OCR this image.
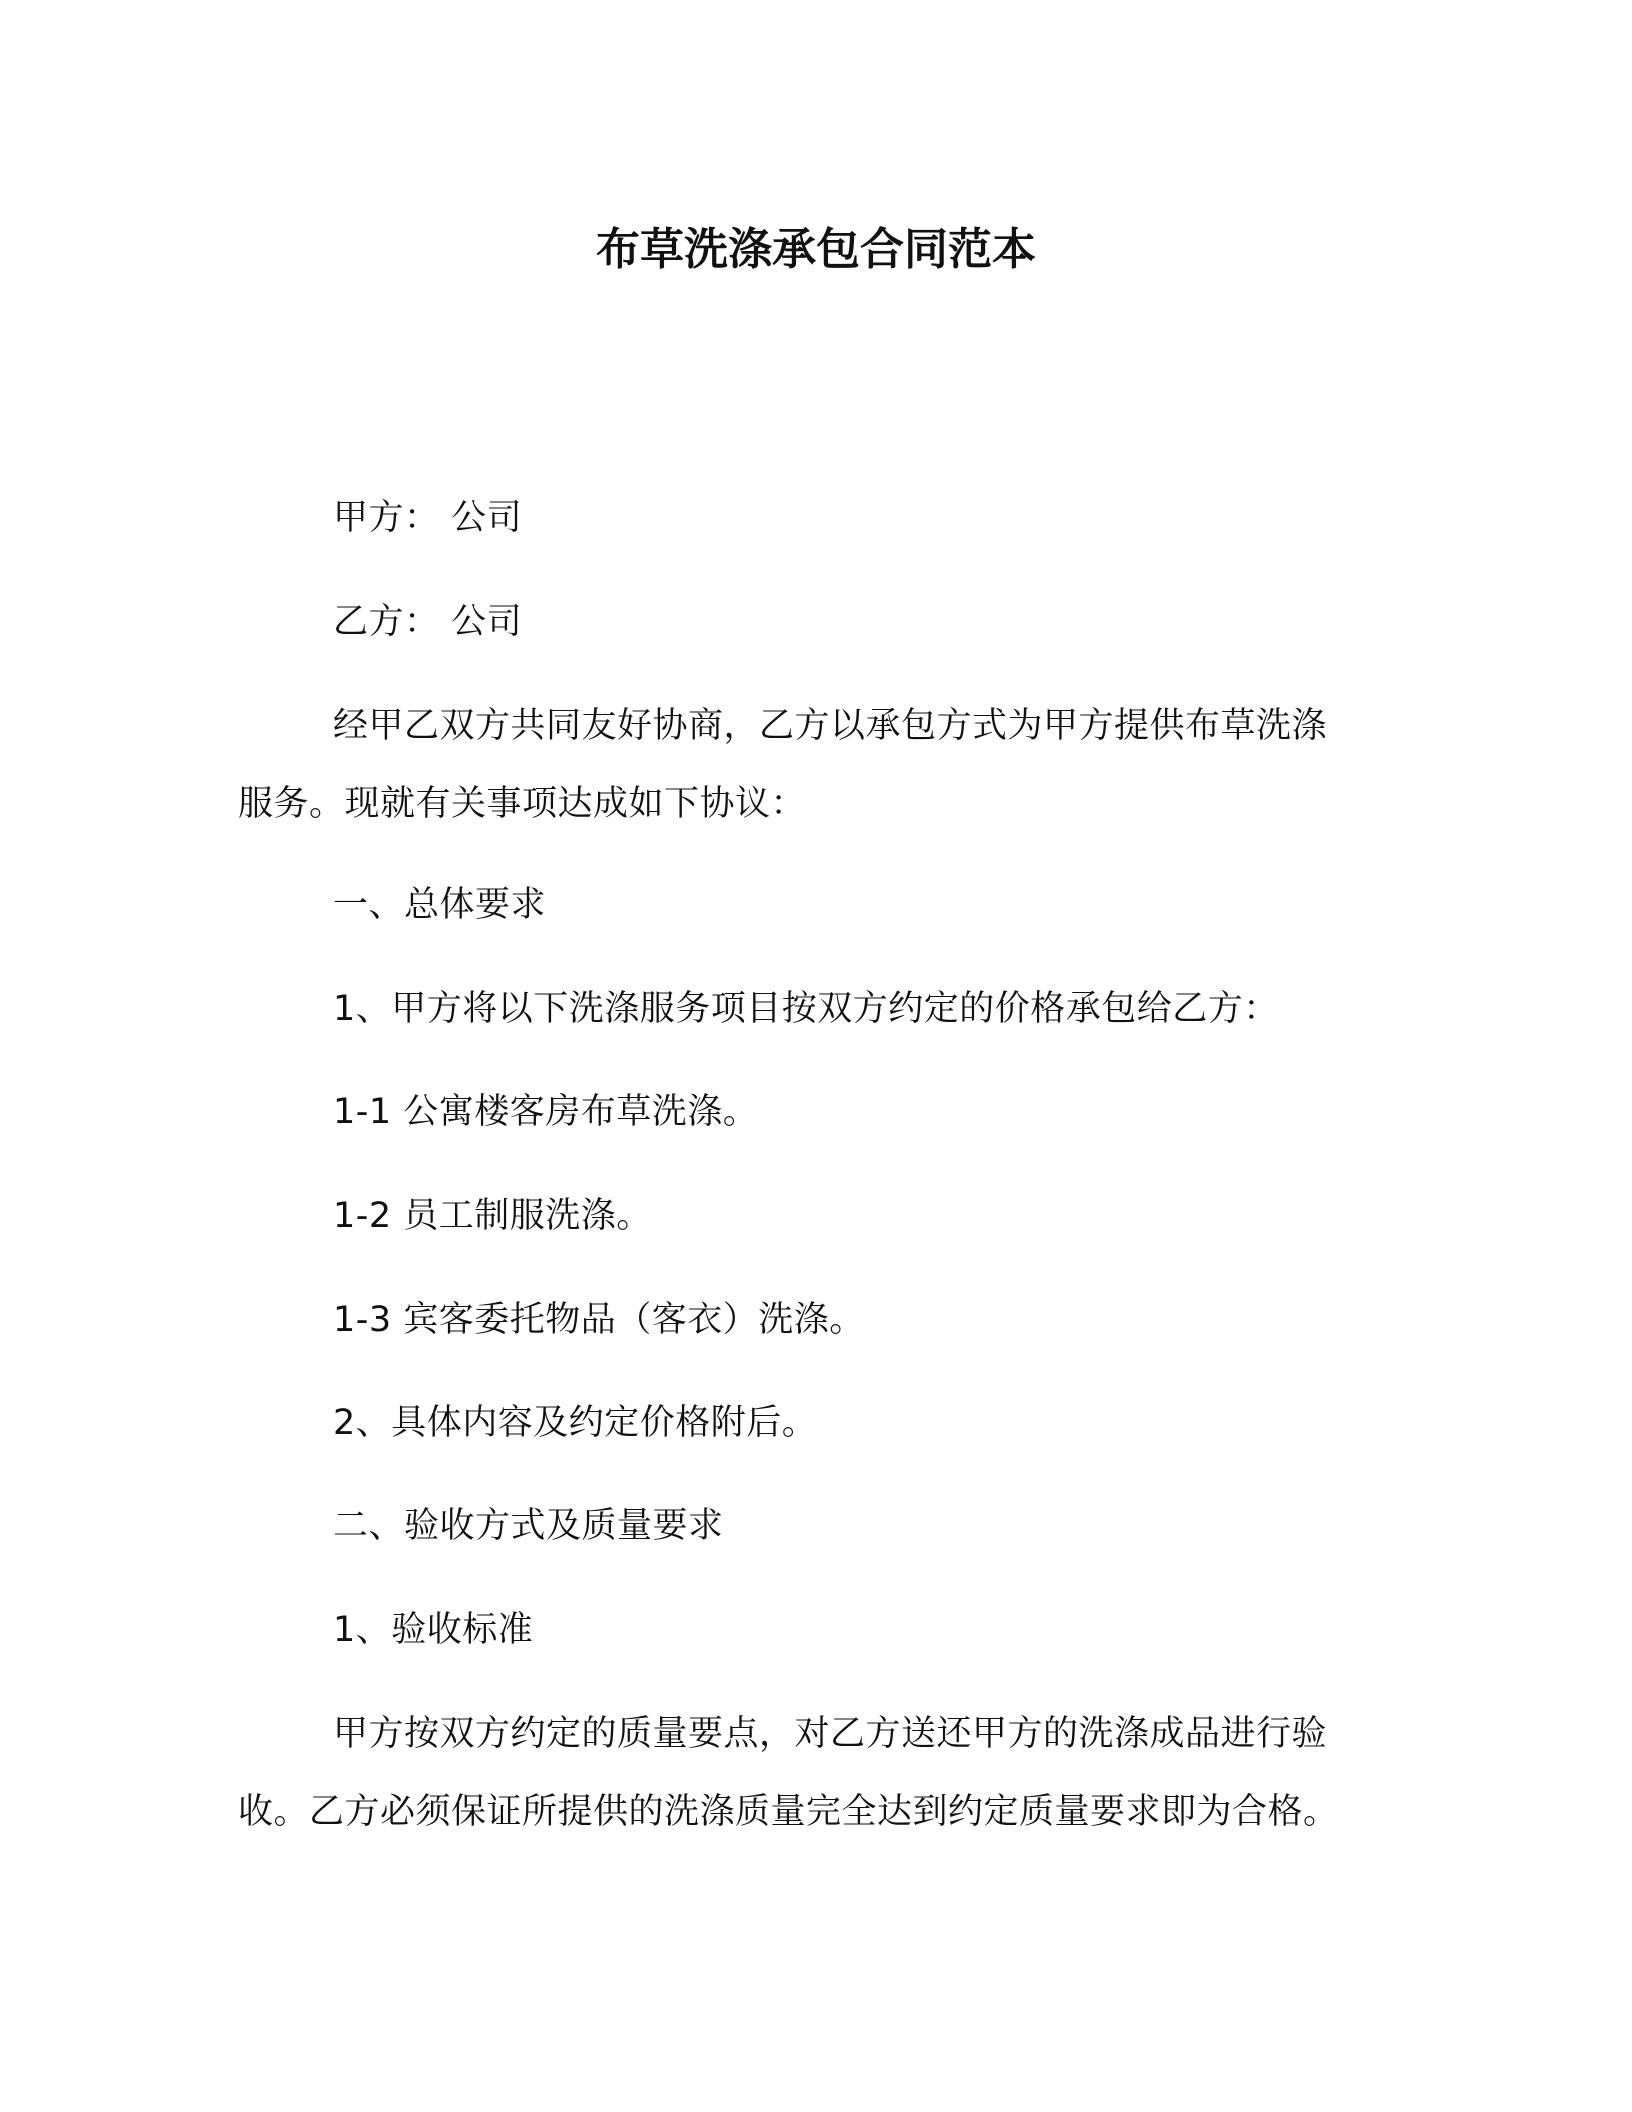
布草洗涤承包合同范本
甲方： 公司
乙方： 公司
经甲乙双方共同友好协商，乙方以承包方式为甲方提供布草洗涤
服务。现就有关事项达成如下协议：
一、总体要求
1、甲方将以下洗涤服务项目按双方约定的价格承包给乙方：
1-1 公寓楼客房布草洗涤。
1-2 员工制服洗涤。
1-3 宾客委托物品（客衣）洗涤。
2、具体内容及约定价格附后。
二、验收方式及质量要求
1、验收标准
甲方按双方约定的质量要点，对乙方送还甲方的洗涤成品进行验
收。乙方必须保证所提供的洗涤质量完全达到约定质量要求即为合格。
